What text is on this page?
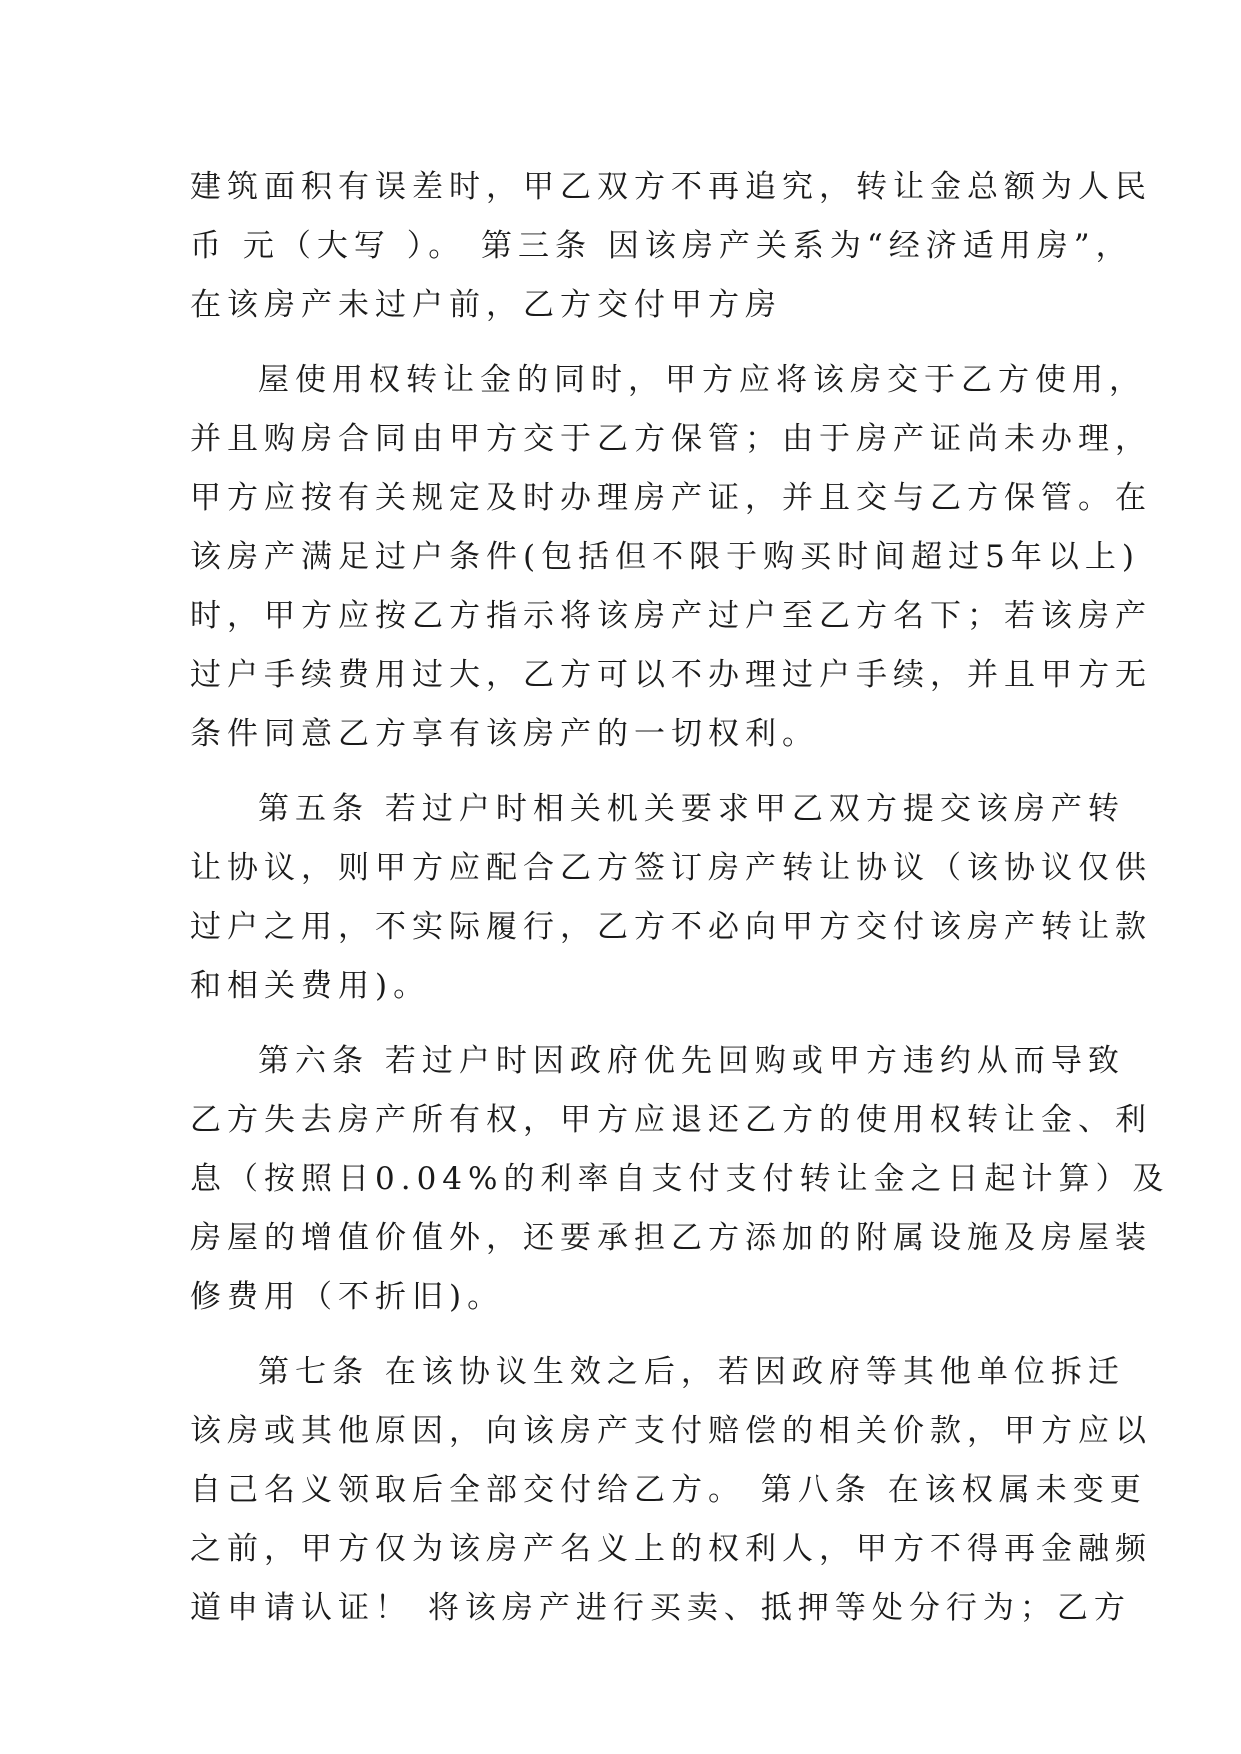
建筑面积有误差时，甲乙双方不再追究，转让金总额为人民
币 元（大写 ）。 第三条 因该房产关系为“经济适用房”，
在该房产未过户前，乙方交付甲方房
屋使用权转让金的同时，甲方应将该房交于乙方使用，
并且购房合同由甲方交于乙方保管；由于房产证尚未办理，
甲方应按有关规定及时办理房产证，并且交与乙方保管。在
该房产满足过户条件(包括但不限于购买时间超过5年以上)
时，甲方应按乙方指示将该房产过户至乙方名下；若该房产
过户手续费用过大，乙方可以不办理过户手续，并且甲方无
条件同意乙方享有该房产的一切权利。
第五条 若过户时相关机关要求甲乙双方提交该房产转
让协议，则甲方应配合乙方签订房产转让协议（该协议仅供
过户之用，不实际履行，乙方不必向甲方交付该房产转让款
和相关费用)。
第六条 若过户时因政府优先回购或甲方违约从而导致
乙方失去房产所有权，甲方应退还乙方的使用权转让金、利
息（按照日0.04%的利率自支付支付转让金之日起计算）及
房屋的增值价值外，还要承担乙方添加的附属设施及房屋装
修费用（不折旧)。
第七条 在该协议生效之后，若因政府等其他单位拆迁
该房或其他原因，向该房产支付赔偿的相关价款，甲方应以
自己名义领取后全部交付给乙方。 第八条 在该权属未变更
之前，甲方仅为该房产名义上的权利人，甲方不得再金融频
道申请认证！ 将该房产进行买卖、抵押等处分行为；乙方
